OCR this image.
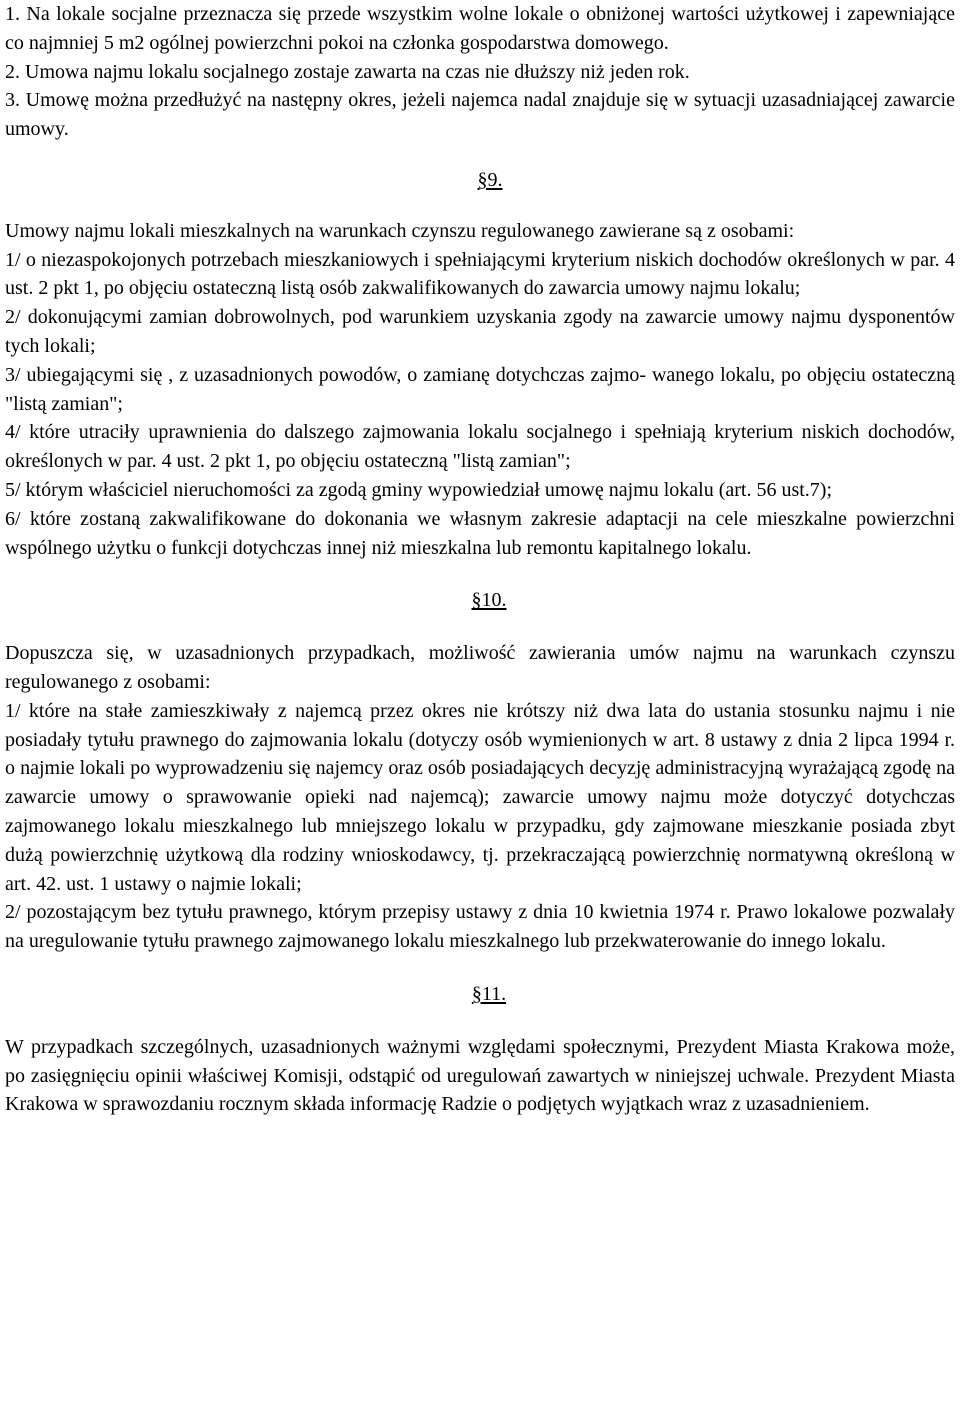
1. Na lokale socjalne przeznacza się przede wszystkim wolne lokale o obniżonej wartości użytkowej i zapewniające co najmniej 5 m2 ogólnej powierzchni pokoi na członka gospodarstwa domowego.

2. Umowa najmu lokalu socjalnego zostaje zawarta na czas nie dłuższy niż jeden rok.

3. Umowę można przedłużyć na następny okres, jeżeli najemca nadal znajduje się w sytuacji uzasadniającej zawarcie umowy.

§9.

Umowy najmu lokali mieszkalnych na warunkach czynszu regulowanego zawierane są z osobami:

1/ o niezaspokojonych potrzebach mieszkaniowych i spełniającymi kryterium niskich dochodów określonych w par. 4 ust. 2 pkt 1, po objęciu ostateczną listą osób zakwalifikowanych do zawarcia umowy najmu lokalu;

2/ dokonującymi zamian dobrowolnych, pod warunkiem uzyskania zgody na zawarcie umowy najmu dysponentów tych lokali;

3/ ubiegającymi się , z uzasadnionych powodów, o zamianę dotychczas zajmo- wanego lokalu, po objęciu ostateczną "listą zamian";

4/ które utraciły uprawnienia do dalszego zajmowania lokalu socjalnego i spełniają kryterium niskich dochodów, określonych w par. 4 ust. 2 pkt 1, po objęciu ostateczną "listą zamian";

5/ którym właściciel nieruchomości za zgodą gminy wypowiedział umowę najmu lokalu (art. 56 ust.7);

6/ które zostaną zakwalifikowane do dokonania we własnym zakresie adaptacji na cele mieszkalne powierzchni wspólnego użytku o funkcji dotychczas innej niż mieszkalna lub remontu kapitalnego lokalu.

§10.

Dopuszcza się, w uzasadnionych przypadkach, możliwość zawierania umów najmu na warunkach czynszu regulowanego z osobami:

1/ które na stałe zamieszkiwały z najemcą przez okres nie krótszy niż dwa lata do ustania stosunku najmu i nie posiadały tytułu prawnego do zajmowania lokalu (dotyczy osób wymienionych w art. 8 ustawy z dnia 2 lipca 1994 r. o najmie lokali po wyprowadzeniu się najemcy oraz osób posiadających decyzję administracyjną wyrażającą zgodę na zawarcie umowy o sprawowanie opieki nad najemcą); zawarcie umowy najmu może dotyczyć dotychczas zajmowanego lokalu mieszkalnego lub mniejszego lokalu w przypadku, gdy zajmowane mieszkanie posiada zbyt dużą powierzchnię użytkową dla rodziny wnioskodawcy, tj. przekraczającą powierzchnię normatywną określoną w art. 42. ust. 1 ustawy o najmie lokali;

2/ pozostającym bez tytułu prawnego, którym przepisy ustawy z dnia 10 kwietnia 1974 r. Prawo lokalowe pozwalały na uregulowanie tytułu prawnego zajmowanego lokalu mieszkalnego lub przekwaterowanie do innego lokalu.

§11.

W przypadkach szczególnych, uzasadnionych ważnymi względami społecznymi, Prezydent Miasta Krakowa może, po zasięgnięciu opinii właściwej Komisji, odstąpić od uregulowań zawartych w niniejszej uchwale. Prezydent Miasta Krakowa w sprawozdaniu rocznym składa informację Radzie o podjętych wyjątkach wraz z uzasadnieniem.
